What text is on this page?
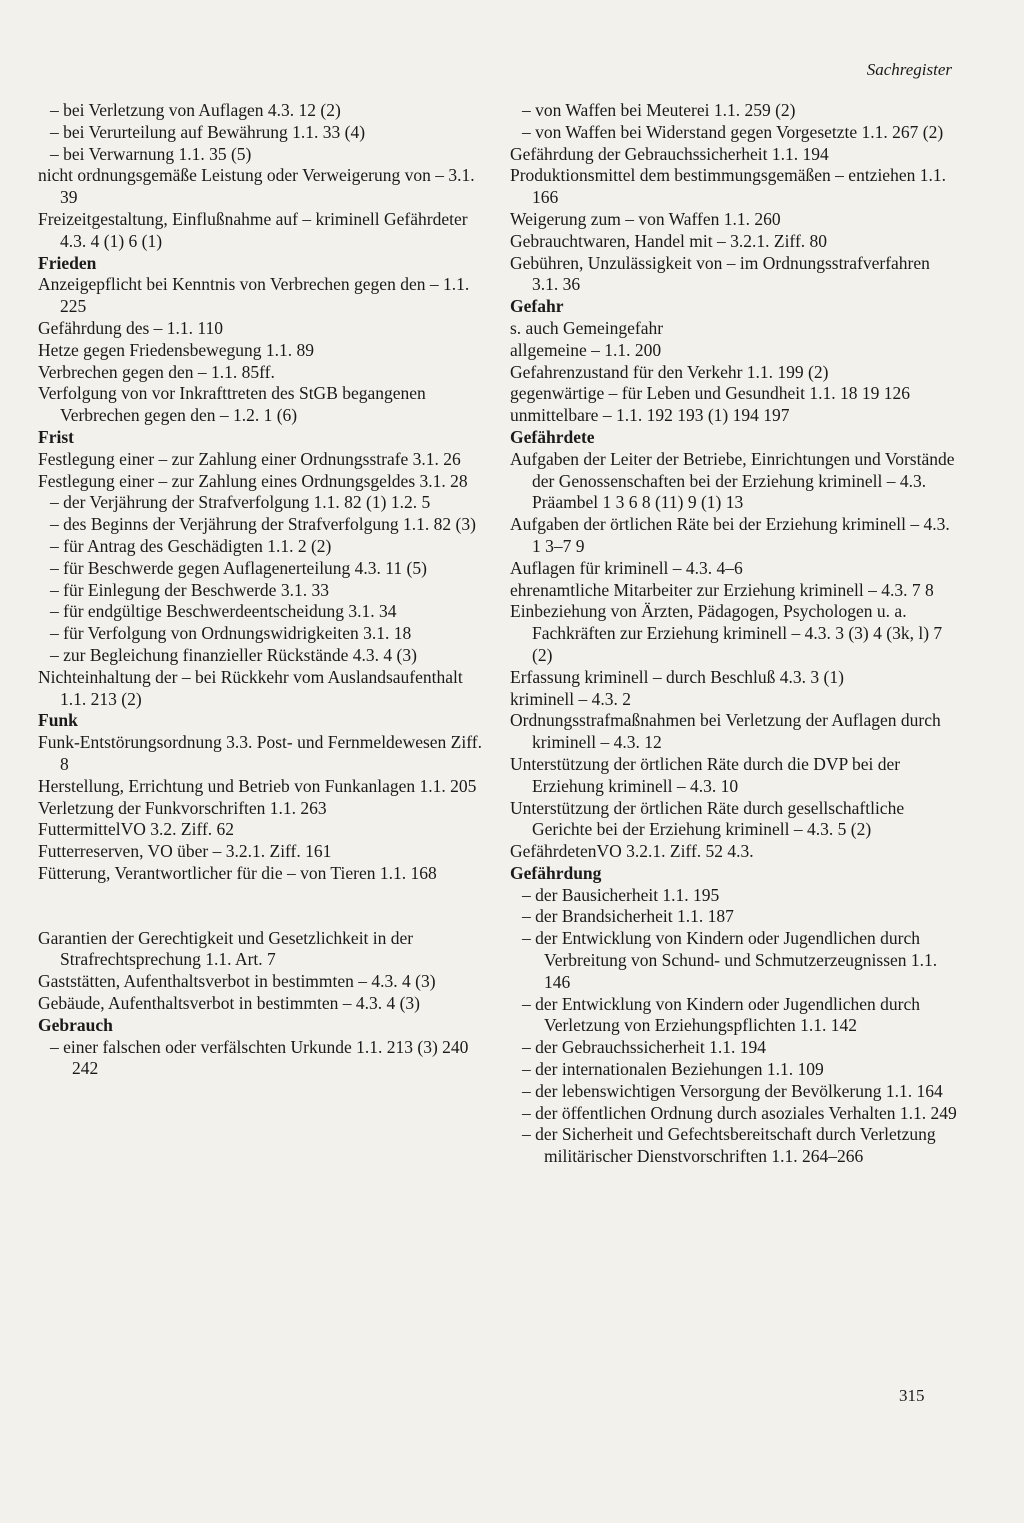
Sachregister
– bei Verletzung von Auflagen 4.3. 12 (2)
– bei Verurteilung auf Bewährung 1.1. 33 (4)
– bei Verwarnung 1.1. 35 (5)
nicht ordnungsgemäße Leistung oder Verweigerung von – 3.1. 39
Freizeitgestaltung, Einflußnahme auf – kriminell Gefährdeter 4.3. 4 (1) 6 (1)
Frieden
Anzeigepflicht bei Kenntnis von Verbrechen gegen den – 1.1. 225
Gefährdung des – 1.1. 110
Hetze gegen Friedensbewegung 1.1. 89
Verbrechen gegen den – 1.1. 85ff.
Verfolgung von vor Inkrafttreten des StGB begangenen Verbrechen gegen den – 1.2. 1 (6)
Frist
Festlegung einer – zur Zahlung einer Ordnungsstrafe 3.1. 26
Festlegung einer – zur Zahlung eines Ordnungsgeldes 3.1. 28
– der Verjährung der Strafverfolgung 1.1. 82 (1) 1.2. 5
– des Beginns der Verjährung der Strafverfolgung 1.1. 82 (3)
– für Antrag des Geschädigten 1.1. 2 (2)
– für Beschwerde gegen Auflagenerteilung 4.3. 11 (5)
– für Einlegung der Beschwerde 3.1. 33
– für endgültige Beschwerdeentscheidung 3.1. 34
– für Verfolgung von Ordnungswidrigkeiten 3.1. 18
– zur Begleichung finanzieller Rückstände 4.3. 4 (3)
Nichteinhaltung der – bei Rückkehr vom Auslandsaufenthalt 1.1. 213 (2)
Funk
Funk-Entstörungsordnung 3.3. Post- und Fernmeldewesen Ziff. 8
Herstellung, Errichtung und Betrieb von Funkanlagen 1.1. 205
Verletzung der Funkvorschriften 1.1. 263
FuttermittelVO 3.2. Ziff. 62
Futterreserven, VO über – 3.2.1. Ziff. 161
Fütterung, Verantwortlicher für die – von Tieren 1.1. 168
Garantien der Gerechtigkeit und Gesetzlichkeit in der Strafrechtsprechung 1.1. Art. 7
Gaststätten, Aufenthaltsverbot in bestimmten – 4.3. 4 (3)
Gebäude, Aufenthaltsverbot in bestimmten – 4.3. 4 (3)
Gebrauch
– einer falschen oder verfälschten Urkunde 1.1. 213 (3) 240 242
– von Waffen bei Meuterei 1.1. 259 (2)
– von Waffen bei Widerstand gegen Vorgesetzte 1.1. 267 (2)
Gefährdung der Gebrauchssicherheit 1.1. 194
Produktionsmittel dem bestimmungsgemäßen – entziehen 1.1. 166
Weigerung zum – von Waffen 1.1. 260
Gebrauchtwaren, Handel mit – 3.2.1. Ziff. 80
Gebühren, Unzulässigkeit von – im Ordnungsstrafverfahren 3.1. 36
Gefahr
s. auch Gemeingefahr
allgemeine – 1.1. 200
Gefahrenzustand für den Verkehr 1.1. 199 (2)
gegenwärtige – für Leben und Gesundheit 1.1. 18 19 126
unmittelbare – 1.1. 192 193 (1) 194 197
Gefährdete
Aufgaben der Leiter der Betriebe, Einrichtungen und Vorstände der Genossenschaften bei der Erziehung kriminell – 4.3. Präambel 1 3 6 8 (11) 9 (1) 13
Aufgaben der örtlichen Räte bei der Erziehung kriminell – 4.3. 1 3–7 9
Auflagen für kriminell – 4.3. 4–6
ehrenamtliche Mitarbeiter zur Erziehung kriminell – 4.3. 7 8
Einbeziehung von Ärzten, Pädagogen, Psychologen u. a. Fachkräften zur Erziehung kriminell – 4.3. 3 (3) 4 (3k, l) 7 (2)
Erfassung kriminell – durch Beschluß 4.3. 3 (1)
kriminell – 4.3. 2
Ordnungsstrafmaßnahmen bei Verletzung der Auflagen durch kriminell – 4.3. 12
Unterstützung der örtlichen Räte durch die DVP bei der Erziehung kriminell – 4.3. 10
Unterstützung der örtlichen Räte durch gesellschaftliche Gerichte bei der Erziehung kriminell – 4.3. 5 (2)
GefährdetenVO 3.2.1. Ziff. 52 4.3.
Gefährdung
– der Bausicherheit 1.1. 195
– der Brandsicherheit 1.1. 187
– der Entwicklung von Kindern oder Jugendlichen durch Verbreitung von Schund- und Schmutzerzeugnissen 1.1. 146
– der Entwicklung von Kindern oder Jugendlichen durch Verletzung von Erziehungspflichten 1.1. 142
– der Gebrauchssicherheit 1.1. 194
– der internationalen Beziehungen 1.1. 109
– der lebenswichtigen Versorgung der Bevölkerung 1.1. 164
– der öffentlichen Ordnung durch asoziales Verhalten 1.1. 249
– der Sicherheit und Gefechtsbereitschaft durch Verletzung militärischer Dienstvorschriften 1.1. 264–266
315
